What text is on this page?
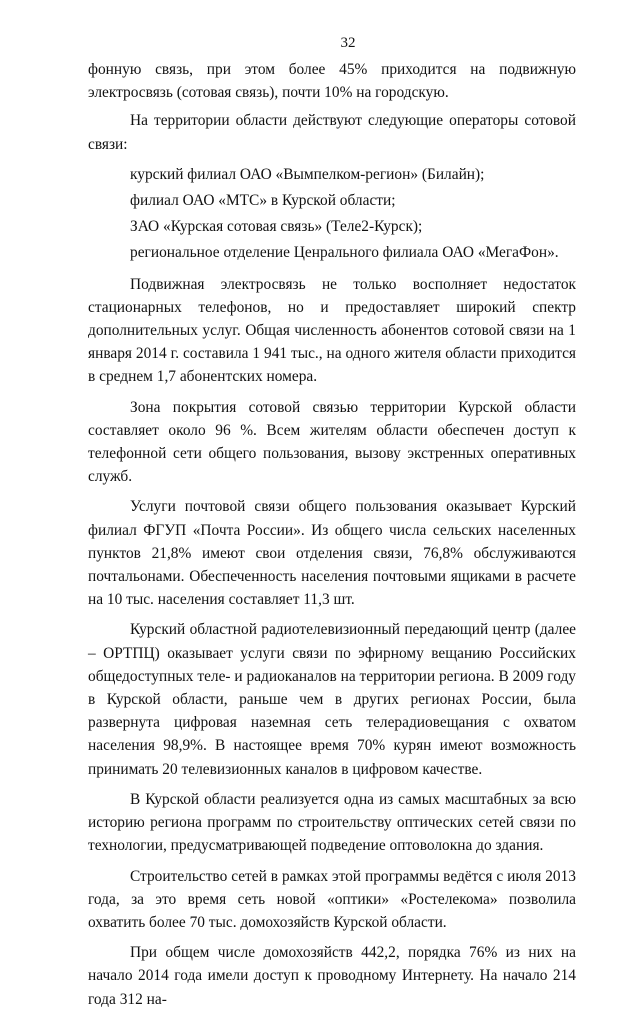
32

фонную связь, при этом более 45% приходится на подвижную электросвязь (сотовая связь), почти 10% на городскую.

На территории области действуют следующие операторы сотовой связи:

курский филиал ОАО «Вымпелком-регион» (Билайн);

филиал ОАО «МТС» в Курской области;

ЗАО «Курская сотовая связь» (Теле2-Курск);

региональное отделение Ценрального филиала ОАО «МегаФон».

Подвижная электросвязь не только восполняет недостаток стационарных телефонов, но и предоставляет широкий спектр дополнительных услуг. Общая численность абонентов сотовой связи на 1 января 2014 г. составила 1 941 тыс., на одного жителя области приходится в среднем 1,7 абонентских номера.

Зона покрытия сотовой связью территории Курской области составляет около 96 %. Всем жителям области обеспечен доступ к телефонной сети общего пользования, вызову экстренных оперативных служб.

Услуги почтовой связи общего пользования оказывает Курский филиал ФГУП «Почта России». Из общего числа сельских населенных пунктов 21,8% имеют свои отделения связи, 76,8% обслуживаются почтальонами. Обеспеченность населения почтовыми ящиками в расчете на 10 тыс. населения составляет 11,3 шт.

Курский областной радиотелевизионный передающий центр (далее – ОРТПЦ) оказывает услуги связи по эфирному вещанию Российских общедоступных теле- и радиоканалов на территории региона. В 2009 году в Курской области, раньше чем в других регионах России, была развернута цифровая наземная сеть телерадиовещания с охватом населения 98,9%. В настоящее время 70% курян имеют возможность принимать 20 телевизионных каналов в цифровом качестве.

В Курской области реализуется одна из самых масштабных за всю историю региона программ по строительству оптических сетей связи по технологии, предусматривающей подведение оптоволокна до здания.

Строительство сетей в рамках этой программы ведётся с июля 2013 года, за это время сеть новой «оптики» «Ростелекома» позволила охватить более 70 тыс. домохозяйств Курской области.

При общем числе домохозяйств 442,2, порядка 76% из них на начало 2014 года имели доступ к проводному Интернету. На начало 214 года 312 на-
